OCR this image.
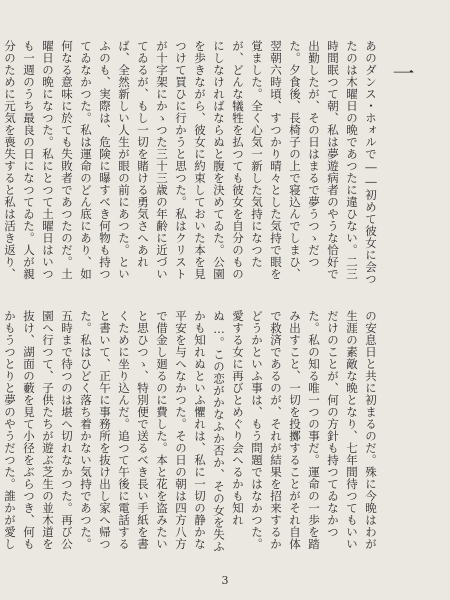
一
あのダンス・ホォルで――初めて彼女に会つたのは木曜日の晩であつたに違ひない。二三時間眠つて朝、私は夢遊病者のやうな恰好で出勤したが、その日はまるで夢うつゝだつた。夕食後、長椅子の上で寝込んでしまひ、翌朝六時頃、すつかり晴々とした気持で眼を覚ました。全く心気一新した気持になつたが、どんな犠牲を払つても彼女を自分のものにしなければならぬと腹を決めてゐた。公園を歩きながら、彼女に約束しておいた本を見つけて買ひに行かうと思つた。私はクリストが十字架にかゝつた三十三歳の年齢に近づいてゐるが、もし一切を賭ける勇気さへあれば、全然新しい人生が眼の前にあつた。といふのも、実際は、危険に曝すべき何物も持つてゐなかつた。私は運命のどん底にあり、如何なる意味に於ても失敗者であつたのだ。土曜日の晩になつた。私にとつて土曜日はいつも一週のうち最良の日になつてゐた。人が親分のために元気を喪失すると私は活き返り、
の安息日と共に初まるのだ。殊に今晩はわが生涯の素敵な晩となり、七年間待つてもいいだけのことが、何の方針も持つてゐなかつた。私の知る唯一つの事だ。運命の一歩を踏み出すこと、一切を投擲することがそれ自体で救済であるのが、それが結果を招来するかどうかといふ事は、もう問題ではなかつた。愛する女に再びとめぐり会へるかも知れぬ…。この恋がかなふか否か、その女を失ふかも知れぬといふ懼れは、私に一切の静かな平安を与へなかつた。その日の朝は四方八方で借金し廻るのに費した。本と花を盗みたいと思ひつゝ、特別便で送るべき長い手紙を書くために坐り込んだ。追つて午後に電話すると書いて、正午に事務所を抜け出し家へ帰つた。私はひどく落ち着かない気持であつた。五時まで待つのは堪へ切れなかつた。再び公園へ行つて、子供たちが遊ぶ芝生の並木道を抜け、湖面の藪を見て小径をぶらつき、何もかもうつとりと夢のやうだつた。誰かが愛し
3
